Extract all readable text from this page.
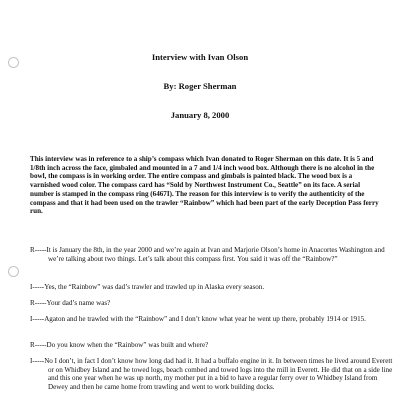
Interview with Ivan Olson

By: Roger Sherman

January 8, 2000

This interview was in reference to a ship’s compass which Ivan donated to Roger Sherman on this date. It is 5 and 1/8th inch across the face, gimbaled and mounted in a 7 and 1/4 inch wood box. Although there is no alcohol in the bowl, the compass is in working order. The entire compass and gimbals is painted black. The wood box is a varnished wood color. The compass card has “Sold by Northwest Instrument Co., Seattle” on its face. A serial number is stamped in the compass ring (6467I). The reason for this interview is to verify the authenticity of the compass and that it had been used on the trawler “Rainbow” which had been part of the early Deception Pass ferry run.

R-----It is January the 8th, in the year 2000 and we’re again at Ivan and Marjorie Olson’s home in Anacortes Washington and we’re talking about two things. Let’s talk about this compass first. You said it was off the “Rainbow?”

I-----Yes, the “Rainbow” was dad’s trawler and trawled up in Alaska every season.

R-----Your dad’s name was?

I-----Agaton and he trawled with the “Rainbow” and I don’t know what year he went up there, probably 1914 or 1915.

R-----Do you know when the “Rainbow” was built and where?

I-----No I don’t, in fact I don’t know how long dad had it. It had a buffalo engine in it. In between times he lived around Everett or on Whidbey Island and he towed logs, beach combed and towed logs into the mill in Everett. He did that on a side line and this one year when he was up north, my mother put in a bid to have a regular ferry over to Whidbey Island from Dewey and then he came home from trawling and went to work building docks.
